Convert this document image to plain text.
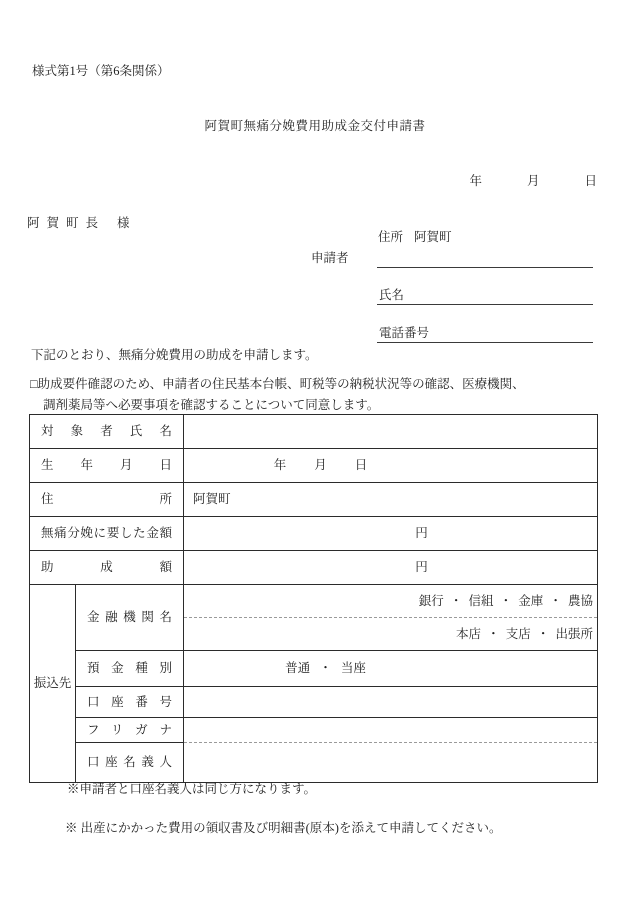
様式第1号（第6条関係）
阿賀町無痛分娩費用助成金交付申請書
年	月	日
阿賀町長 様
申請者
住所 阿賀町
氏名
電話番号
下記のとおり、無痛分娩費用の助成を申請します。
□助成要件確認のため、申請者の住民基本台帳、町税等の納税状況等の確認、医療機関、
調剤薬局等へ必要事項を確認することについて同意します。
対象者氏名		
生年月日		年 月 日

住所		阿賀町
無痛分娩に要した金額		円
助成額		円
振込先	金融機関名	銀行 ・ 信組 ・ 金庫 ・ 農協
		本店 ・ 支店 ・ 出張所
	預金種別	普通 ・ 当座
	口座番号	
	フリガナ	
	口座名義人	
※申請者と口座名義人は同じ方になります。
※ 出産にかかった費用の領収書及び明細書(原本)を添えて申請してください。
